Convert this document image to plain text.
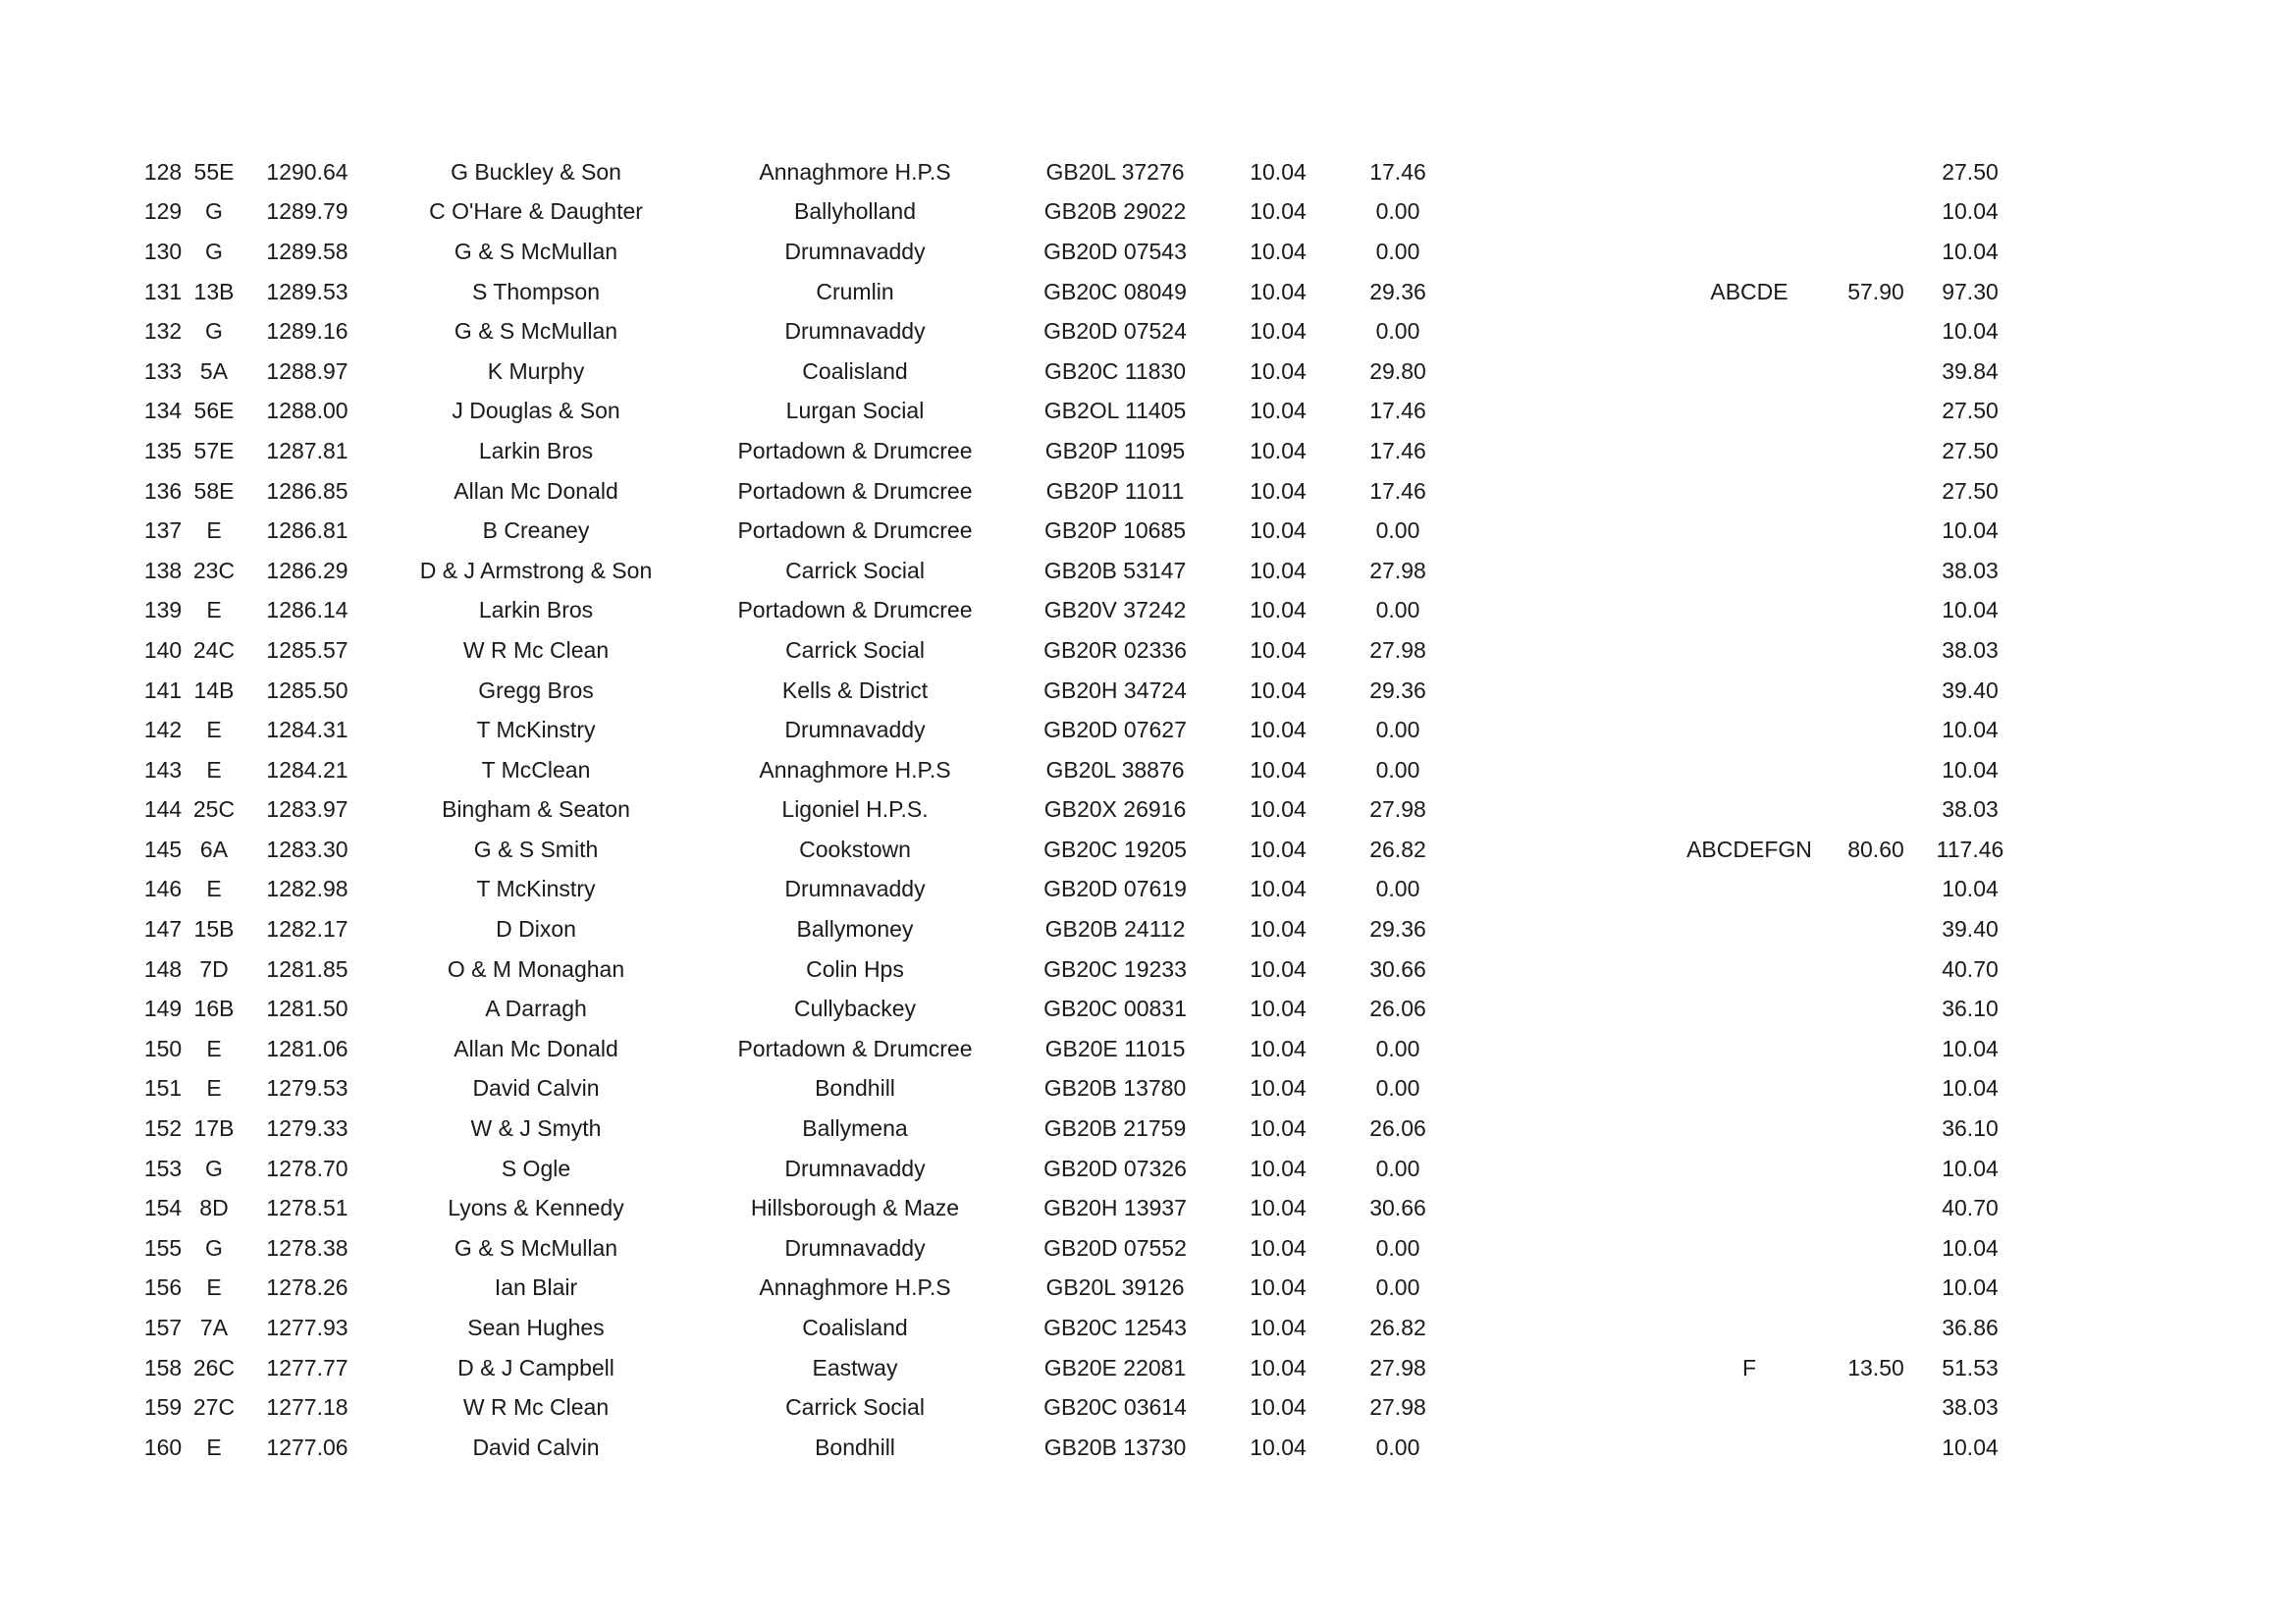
128	55E	1290.64	G Buckley & Son	Annaghmore H.P.S	GB20L 37276	10.04	17.46				27.50	
129	G	1289.79	C O'Hare & Daughter	Ballyholland	GB20B 29022	10.04	0.00				10.04	
130	G	1289.58	G & S McMullan	Drumnavaddy	GB20D 07543	10.04	0.00				10.04	
131	13B	1289.53	S Thompson	Crumlin	GB20C 08049	10.04	29.36		ABCDE	57.90	97.30	
132	G	1289.16	G & S McMullan	Drumnavaddy	GB20D 07524	10.04	0.00				10.04	
133	5A	1288.97	K Murphy	Coalisland	GB20C 11830	10.04	29.80				39.84	
134	56E	1288.00	J Douglas & Son	Lurgan Social	GB2OL 11405	10.04	17.46				27.50	
135	57E	1287.81	Larkin Bros	Portadown & Drumcree	GB20P 11095	10.04	17.46				27.50	
136	58E	1286.85	Allan Mc Donald	Portadown & Drumcree	GB20P 11011	10.04	17.46				27.50	
137	E	1286.81	B Creaney	Portadown & Drumcree	GB20P 10685	10.04	0.00				10.04	
138	23C	1286.29	D & J Armstrong & Son	Carrick Social	GB20B 53147	10.04	27.98				38.03	
139	E	1286.14	Larkin Bros	Portadown & Drumcree	GB20V 37242	10.04	0.00				10.04	
140	24C	1285.57	W R Mc Clean	Carrick Social	GB20R 02336	10.04	27.98				38.03	
141	14B	1285.50	Gregg Bros	Kells & District	GB20H 34724	10.04	29.36				39.40	
142	E	1284.31	T McKinstry	Drumnavaddy	GB20D 07627	10.04	0.00				10.04	
143	E	1284.21	T McClean	Annaghmore H.P.S	GB20L 38876	10.04	0.00				10.04	
144	25C	1283.97	Bingham & Seaton	Ligoniel H.P.S.	GB20X 26916	10.04	27.98				38.03	
145	6A	1283.30	G & S Smith	Cookstown	GB20C 19205	10.04	26.82		ABCDEFGN	80.60	117.46	
146	E	1282.98	T McKinstry	Drumnavaddy	GB20D 07619	10.04	0.00				10.04	
147	15B	1282.17	D Dixon	Ballymoney	GB20B 24112	10.04	29.36				39.40	
148	7D	1281.85	O & M Monaghan	Colin Hps	GB20C 19233	10.04	30.66				40.70	
149	16B	1281.50	A Darragh	Cullybackey	GB20C 00831	10.04	26.06				36.10	
150	E	1281.06	Allan Mc Donald	Portadown & Drumcree	GB20E 11015	10.04	0.00				10.04	
151	E	1279.53	David Calvin	Bondhill	GB20B 13780	10.04	0.00				10.04	
152	17B	1279.33	W & J Smyth	Ballymena	GB20B 21759	10.04	26.06				36.10	
153	G	1278.70	S Ogle	Drumnavaddy	GB20D 07326	10.04	0.00				10.04	
154	8D	1278.51	Lyons & Kennedy	Hillsborough & Maze	GB20H 13937	10.04	30.66				40.70	
155	G	1278.38	G & S McMullan	Drumnavaddy	GB20D 07552	10.04	0.00				10.04	
156	E	1278.26	Ian Blair	Annaghmore H.P.S	GB20L 39126	10.04	0.00				10.04	
157	7A	1277.93	Sean Hughes	Coalisland	GB20C 12543	10.04	26.82				36.86	
158	26C	1277.77	D & J Campbell	Eastway	GB20E 22081	10.04	27.98		F	13.50	51.53	
159	27C	1277.18	W R Mc Clean	Carrick Social	GB20C 03614	10.04	27.98				38.03	
160	E	1277.06	David Calvin	Bondhill	GB20B 13730	10.04	0.00				10.04	
